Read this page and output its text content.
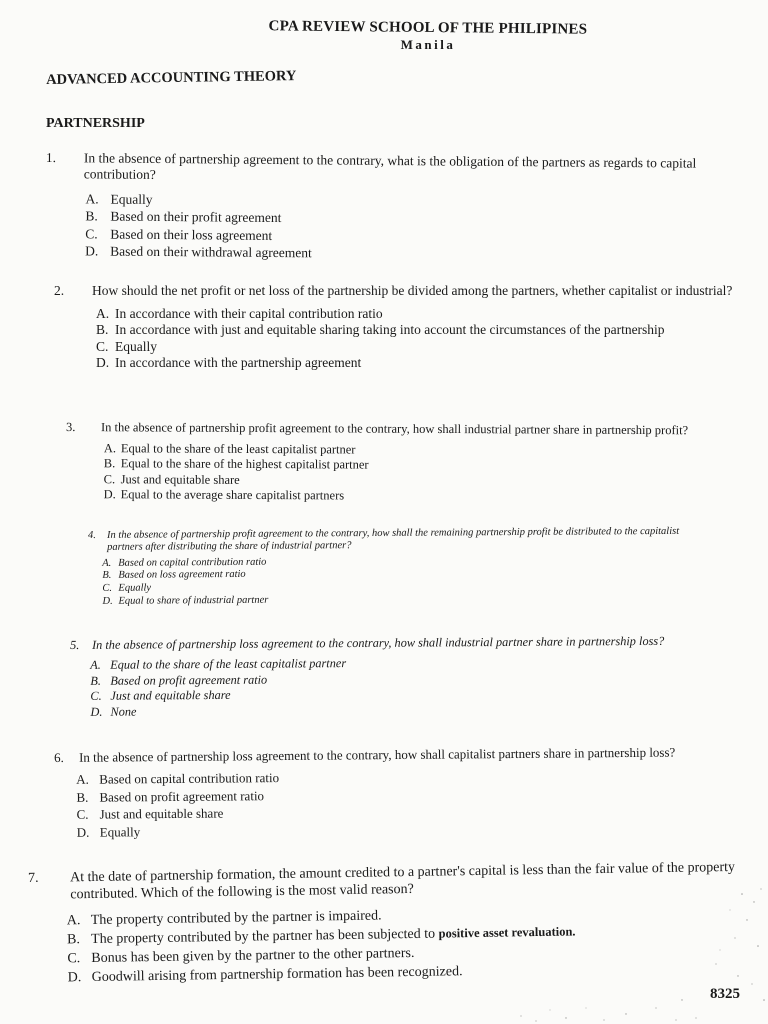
CPA REVIEW SCHOOL OF THE PHILIPINES
Manila
ADVANCED ACCOUNTING THEORY
PARTNERSHIP
1. In the absence of partnership agreement to the contrary, what is the obligation of the partners as regards to capital contribution?

A. Equally
B. Based on their profit agreement
C. Based on their loss agreement
D. Based on their withdrawal agreement
2. How should the net profit or net loss of the partnership be divided among the partners, whether capitalist or industrial?

A. In accordance with their capital contribution ratio
B. In accordance with just and equitable sharing taking into account the circumstances of the partnership
C. Equally
D. In accordance with the partnership agreement
3. In the absence of partnership profit agreement to the contrary, how shall industrial partner share in partnership profit?

A. Equal to the share of the least capitalist partner
B. Equal to the share of the highest capitalist partner
C. Just and equitable share
D. Equal to the average share capitalist partners
4. In the absence of partnership profit agreement to the contrary, how shall the remaining partnership profit be distributed to the capitalist partners after distributing the share of industrial partner?

A. Based on capital contribution ratio
B. Based on loss agreement ratio
C. Equally
D. Equal to share of industrial partner
5. In the absence of partnership loss agreement to the contrary, how shall industrial partner share in partnership loss?

A. Equal to the share of the least capitalist partner
B. Based on profit agreement ratio
C. Just and equitable share
D. None
6. In the absence of partnership loss agreement to the contrary, how shall capitalist partners share in partnership loss?

A. Based on capital contribution ratio
B. Based on profit agreement ratio
C. Just and equitable share
D. Equally
7. At the date of partnership formation, the amount credited to a partner's capital is less than the fair value of the property contributed. Which of the following is the most valid reason?

A. The property contributed by the partner is impaired.
B. The property contributed by the partner has been subjected to positive asset revaluation.
C. Bonus has been given by the partner to the other partners.
D. Goodwill arising from partnership formation has been recognized.
8325
